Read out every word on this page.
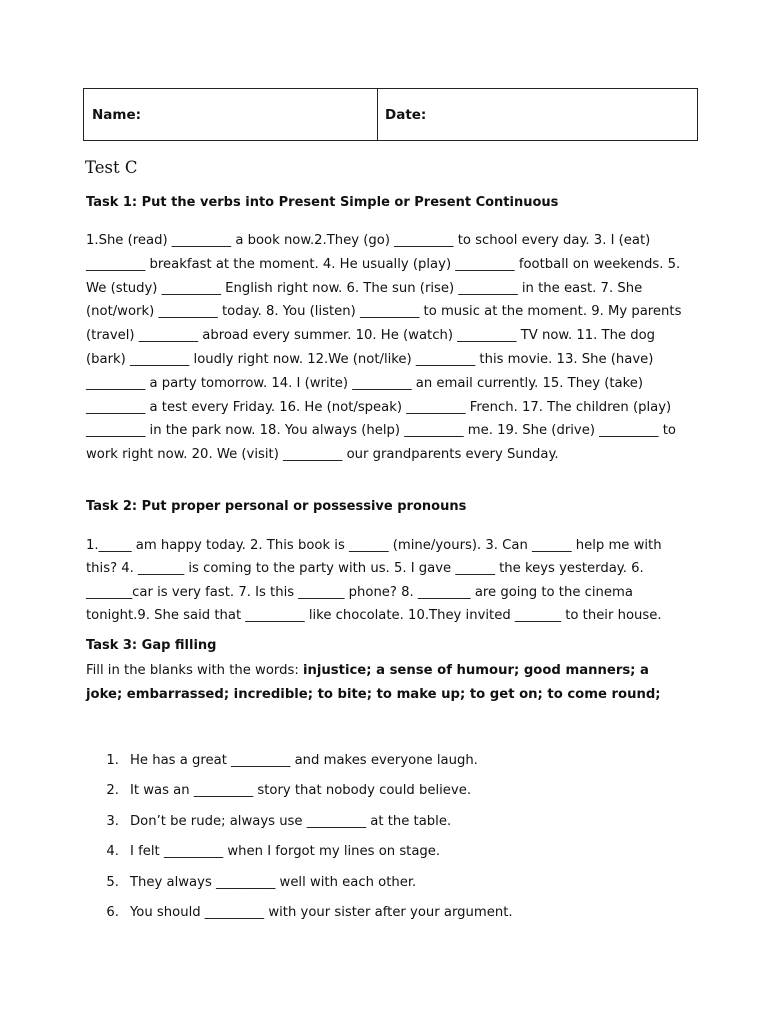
Name:	Date:
Test C
Task 1: Put the verbs into Present Simple or Present Continuous
1.She (read) _________ a book now.2.They (go) _________ to school every day. 3. I (eat) _________ breakfast at the moment. 4. He usually (play) _________ football on weekends. 5. We (study) _________ English right now. 6. The sun (rise) _________ in the east. 7. She (not/work) _________ today. 8. You (listen) _________ to music at the moment. 9. My parents (travel) _________ abroad every summer. 10. He (watch) _________ TV now. 11. The dog (bark) _________ loudly right now. 12.We (not/like) _________ this movie. 13. She (have) _________ a party tomorrow. 14. I (write) _________ an email currently. 15. They (take) _________ a test every Friday. 16. He (not/speak) _________ French. 17. The children (play) _________ in the park now. 18. You always (help) _________ me. 19. She (drive) _________ to work right now. 20. We (visit) _________ our grandparents every Sunday.
Task 2: Put proper personal or possessive pronouns
1._____ am happy today. 2. This book is ______ (mine/yours). 3. Can ______ help me with this? 4. _______ is coming to the party with us. 5. I gave ______ the keys yesterday. 6. _______car is very fast. 7. Is this _______ phone? 8. ________ are going to the cinema tonight.9. She said that _________ like chocolate. 10.They invited _______ to their house.
Task 3: Gap filling
Fill in the blanks with the words: injustice; a sense of humour; good manners; a joke; embarrassed; incredible; to bite; to make up; to get on; to come round;
1. He has a great _________ and makes everyone laugh.
2. It was an _________ story that nobody could believe.
3. Don’t be rude; always use _________ at the table.
4. I felt _________ when I forgot my lines on stage.
5. They always _________ well with each other.
6. You should _________ with your sister after your argument.
